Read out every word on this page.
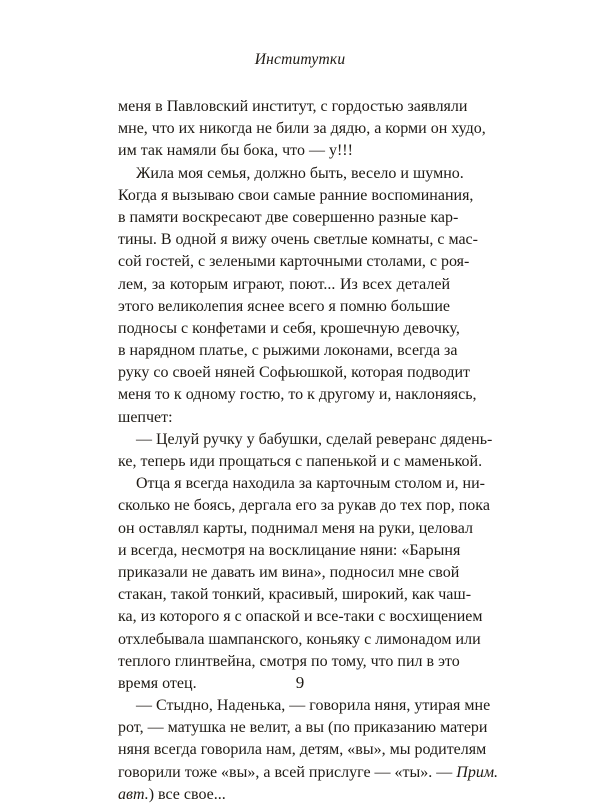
Институтки
меня в Павловский институт, с гордостью заявляли
мне, что их никогда не били за дядю, а корми он худо,
им так намяли бы бока, что — у!!!
Жила моя семья, должно быть, весело и шумно.
Когда я вызываю свои самые ранние воспоминания,
в памяти воскресают две совершенно разные кар-
тины. В одной я вижу очень светлые комнаты, с мас-
сой гостей, с зелеными карточными столами, с роя-
лем, за которым играют, поют... Из всех деталей
этого великолепия яснее всего я помню большие
подносы с конфетами и себя, крошечную девочку,
в нарядном платье, с рыжими локонами, всегда за
руку со своей няней Софьюшкой, которая подводит
меня то к одному гостю, то к другому и, наклоняясь,
шепчет:
— Целуй ручку у бабушки, сделай реверанс дядень-
ке, теперь иди прощаться с папенькой и с маменькой.
Отца я всегда находила за карточным столом и, ни-
сколько не боясь, дергала его за рукав до тех пор, пока
он оставлял карты, поднимал меня на руки, целовал
и всегда, несмотря на восклицание няни: «Барыня
приказали не давать им вина», подносил мне свой
стакан, такой тонкий, красивый, широкий, как чаш-
ка, из которого я с опаской и все-таки с восхищением
отхлебывала шампанского, коньяку с лимонадом или
теплого глинтвейна, смотря по тому, что пил в это
время отец.
— Стыдно, Наденька, — говорила няня, утирая мне
рот, — матушка не велит, а вы (по приказанию матери
няня всегда говорила нам, детям, «вы», мы родителям
говорили тоже «вы», а всей прислуге — «ты». — Прим.
авт.) все свое...
9
